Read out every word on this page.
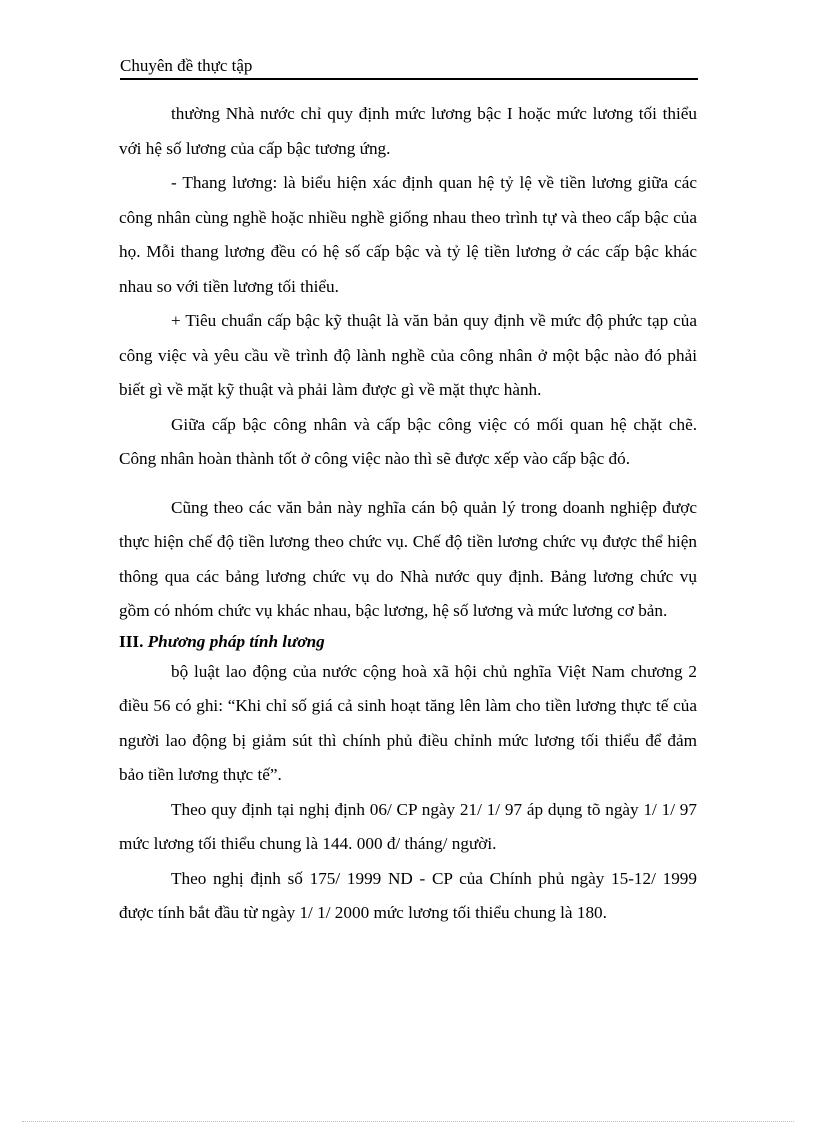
Chuyên đề thực tập

thường Nhà nước chỉ quy định mức lương bậc I hoặc mức lương tối thiểu với hệ số lương của cấp bậc tương ứng.

- Thang lương: là biểu hiện xác định quan hệ tỷ lệ về tiền lương giữa các công nhân cùng nghề hoặc nhiều nghề giống nhau theo trình tự và theo cấp bậc của họ. Mỗi thang lương đều có hệ số cấp bậc và tỷ lệ tiền lương ở các cấp bậc khác nhau so với tiền lương tối thiểu.

+ Tiêu chuẩn cấp bậc kỹ thuật là văn bản quy định về mức độ phức tạp của công việc và yêu cầu về trình độ lành nghề của công nhân ở một bậc nào đó phải biết gì về mặt kỹ thuật và phải làm được gì về mặt thực hành.

Giữa cấp bậc công nhân và cấp bậc công việc có mối quan hệ chặt chẽ. Công nhân hoàn thành tốt ở công việc nào thì sẽ được xếp vào cấp bậc đó.

Cũng theo các văn bản này nghĩa cán bộ quản lý trong doanh nghiệp được thực hiện chế độ tiền lương theo chức vụ. Chế độ tiền lương chức vụ được thể hiện thông qua các bảng lương chức vụ do Nhà nước quy định. Bảng lương chức vụ gồm có nhóm chức vụ khác nhau, bậc lương, hệ số lương và mức lương cơ bản.

III. Phương pháp tính lương

bộ luật lao động của nước cộng hoà xã hội chủ nghĩa Việt Nam chương 2 điều 56 có ghi: “Khi chỉ số giá cả sinh hoạt tăng lên làm cho tiền lương thực tế của người lao động bị giảm sút thì chính phủ điều chỉnh mức lương tối thiểu để đảm bảo tiền lương thực tế”.

Theo quy định tại nghị định 06/ CP ngày 21/ 1/ 97 áp dụng tõ ngày 1/ 1/ 97 mức lương tối thiểu chung là 144. 000 đ/ tháng/ người.

Theo nghị định số 175/ 1999 ND - CP của Chính phủ ngày 15-12/ 1999 được tính bắt đầu từ ngày 1/ 1/ 2000 mức lương tối thiểu chung là 180.
